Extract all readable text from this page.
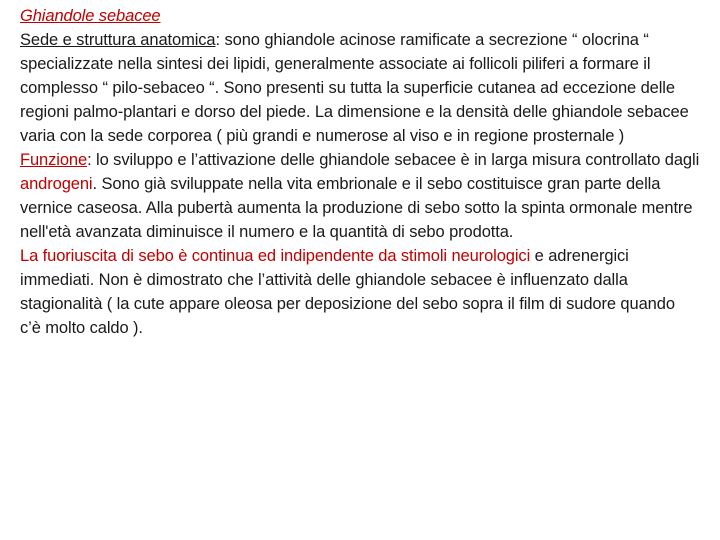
Ghiandole sebacee

Sede e struttura anatomica: sono ghiandole acinose ramificate a secrezione “ olocrina “ specializzate nella sintesi dei lipidi, generalmente associate ai follicoli piliferi a formare il complesso “ pilo-sebaceo “. Sono presenti su tutta la superficie cutanea ad eccezione delle regioni palmo-plantari e dorso del piede. La dimensione e la densità delle ghiandole sebacee varia con la sede corporea ( più grandi e numerose al viso e in regione prosternale )

Funzione: lo sviluppo e l’attivazione delle ghiandole sebacee è in larga misura controllato dagli androgeni. Sono già sviluppate nella vita embrionale e il sebo costituisce gran parte della vernice caseosa. Alla pubertà aumenta la produzione di sebo sotto la spinta ormonale mentre nell'età avanzata diminuisce il numero e la quantità di sebo prodotta.

La fuoriuscita di sebo è continua ed indipendente da stimoli neurologici e adrenergici immediati. Non è dimostrato che l’attività delle ghiandole sebacee è influenzato dalla stagionalità ( la cute appare oleosa per deposizione del sebo sopra il film di sudore quando c’è molto caldo ).
